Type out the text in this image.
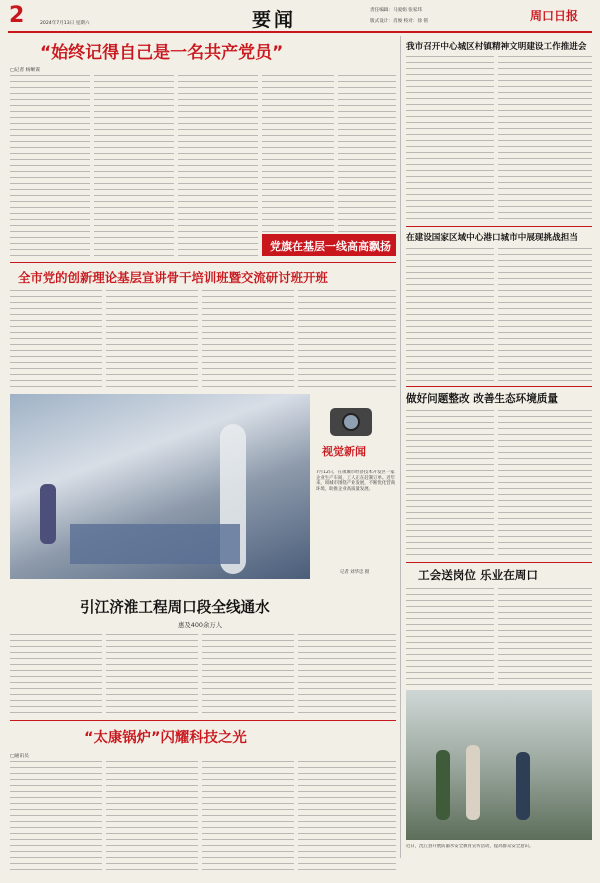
2	2024年7月13日 星期六	要闻	责任编辑：马爱娟 张家玮
版式设计：肖俊 校对：徐 铭	周口日报
“始终记得自己是一名共产党员”
□记者 杨晰谋
党旗在基层一线高高飘扬
全市党的创新理论基层宣讲骨干培训班暨交流研讨班开班
视觉新闻
7月12日，在项城市经济技术开发区一家企业生产车间，工人正在赶制订单。近年来，项城市围绕产业发展，不断优化营商环境，助推企业高质量发展。
记者 刘华忠 摄
引江济淮工程周口段全线通水
惠及400余万人
“太康锅炉”闪耀科技之光
□通讯员
我市召开中心城区村镇精神文明建设工作推进会
在建设国家区域中心港口城市中展现挑战担当
做好问题整改 改善生态环境质量
工会送岗位 乐业在周口
近日，沈丘县开展防溺水安全教育宣传活动，提高群众安全意识。
